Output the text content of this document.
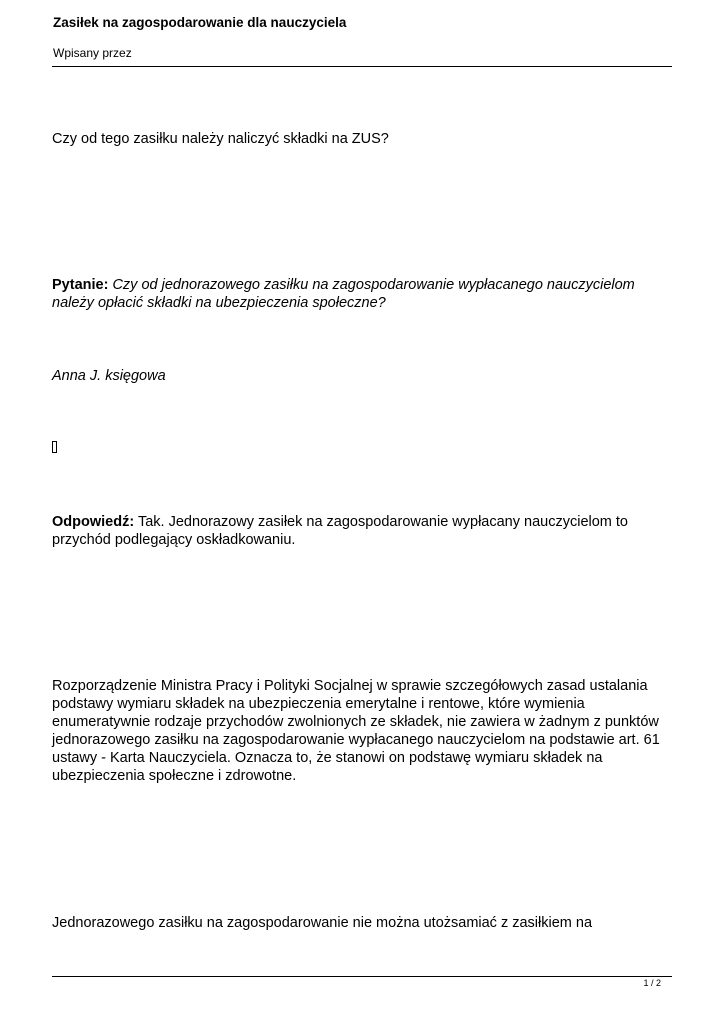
Zasiłek na zagospodarowanie dla nauczyciela
Wpisany przez
Czy od tego zasiłku należy naliczyć składki na ZUS?
Pytanie: Czy od jednorazowego zasiłku na zagospodarowanie wypłacanego nauczycielom należy opłacić składki na ubezpieczenia społeczne?
Anna J. księgowa
Odpowiedź: Tak. Jednorazowy zasiłek na zagospodarowanie wypłacany nauczycielom to przychód podlegający oskładkowaniu.
Rozporządzenie Ministra Pracy i Polityki Socjalnej w sprawie szczegółowych zasad ustalania podstawy wymiaru składek na ubezpieczenia emerytalne i rentowe, które wymienia enumeratywnie rodzaje przychodów zwolnionych ze składek, nie zawiera w żadnym z punktów jednorazowego zasiłku na zagospodarowanie wypłacanego nauczycielom na podstawie art. 61 ustawy - Karta Nauczyciela. Oznacza to, że stanowi on podstawę wymiaru składek na ubezpieczenia społeczne i zdrowotne.
Jednorazowego zasiłku na zagospodarowanie nie można utożsamiać z zasiłkiem na
1 / 2
